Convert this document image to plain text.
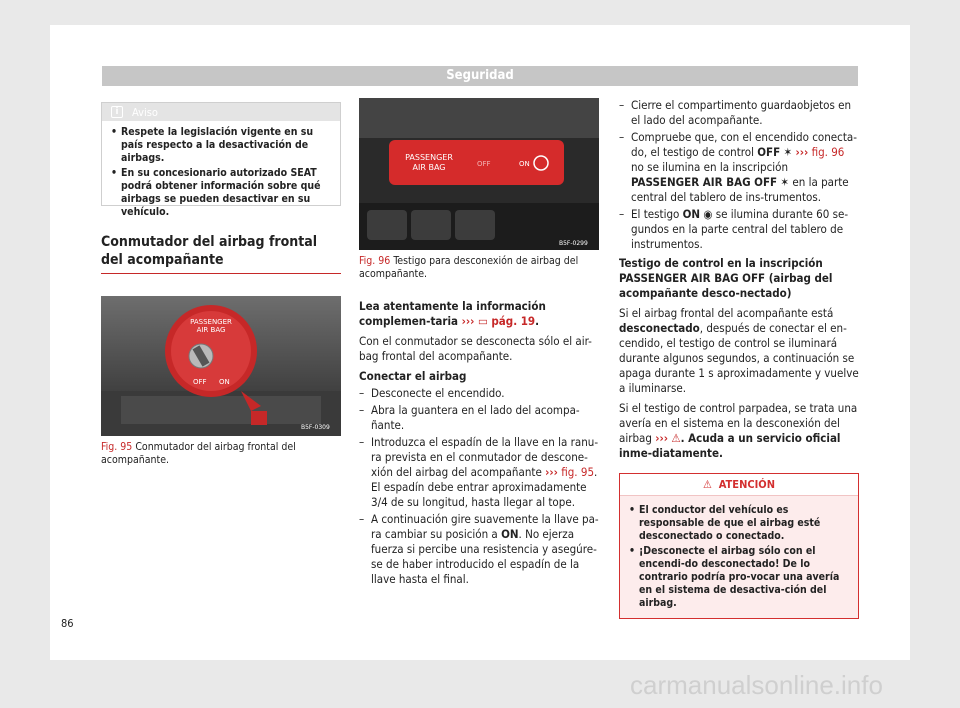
Seguridad
i	Aviso
• Respete la legislación vigente en su país respecto a la desactivación de airbags.
• En su concesionario autorizado SEAT podrá obtener información sobre qué airbags se pueden desactivar en su vehículo.
Conmutador del airbag frontal del acompañante
PASSENGER
AIR BAG
OFF ON
B5F-0309
Fig. 95 Conmutador del airbag frontal del acompañante.
PASSENGER
AIR BAG	OFF	ON
B5F-0299
Fig. 96 Testigo para desconexión de airbag del acompañante.

Lea atentamente la información complemen-taria ››› ▭ pág. 19.

Con el conmutador se desconecta sólo el air-bag frontal del acompañante.

Conectar el airbag

– Desconecte el encendido.
– Abra la guantera en el lado del acompa-ñante.
– Introduzca el espadín de la llave en la ranu-ra prevista en el conmutador de descone-xión del airbag del acompañante ››› fig. 95. El espadín debe entrar aproximadamente 3/4 de su longitud, hasta llegar al tope.
– A continuación gire suavemente la llave pa-ra cambiar su posición a ON. No ejerza fuerza si percibe una resistencia y asegúre-se de haber introducido el espadín de la llave hasta el final.
– Cierre el compartimento guardaobjetos en el lado del acompañante.
– Compruebe que, con el encendido conecta-do, el testigo de control OFF ✶ ››› fig. 96 no se ilumina en la inscripción PASSENGER AIR BAG OFF ✶ en la parte central del tablero de ins-trumentos.
– El testigo ON ◉ se ilumina durante 60 se-gundos en la parte central del tablero de instrumentos.

Testigo de control en la inscripción PASSENGER AIR BAG OFF (airbag del acompañante desco-nectado)

Si el airbag frontal del acompañante está desconectado, después de conectar el en-cendido, el testigo de control se iluminará durante algunos segundos, a continuación se apaga durante 1 s aproximadamente y vuelve a iluminarse.

Si el testigo de control parpadea, se trata una avería en el sistema en la desconexión del airbag ››› ⚠. Acuda a un servicio oficial inme-diatamente.

⚠ ATENCIÓN
• El conductor del vehículo es responsable de que el airbag esté desconectado o conectado.
• ¡Desconecte el airbag sólo con el encendi-do desconectado! De lo contrario podría pro-vocar una avería en el sistema de desactiva-ción del airbag.
86
carmanualsonline.info
